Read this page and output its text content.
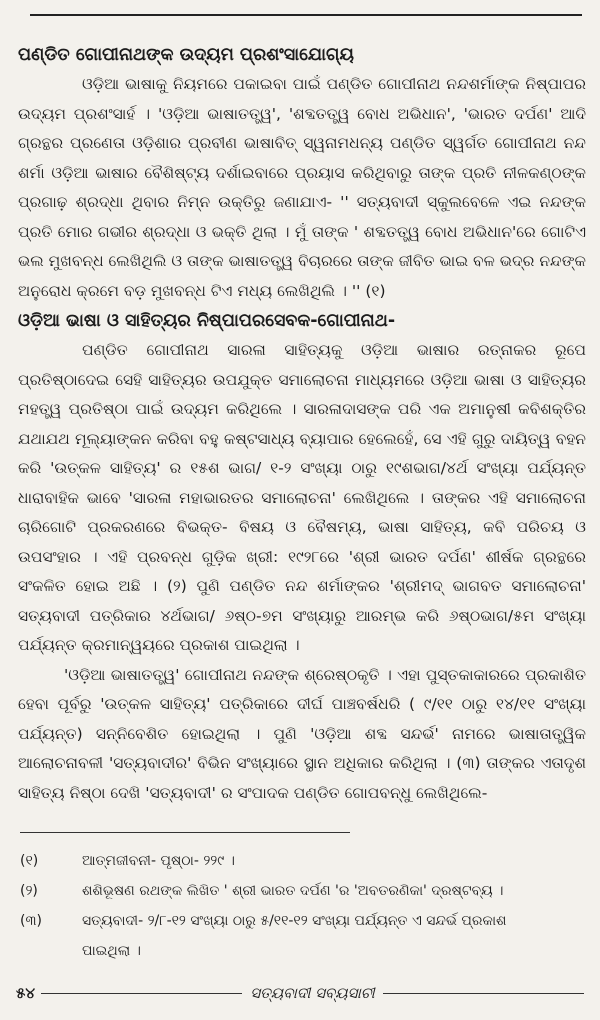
ପଣ୍ଡିତ ଗୋପୀନାଥଙ୍କ ଉଦ୍ୟମ ପ୍ରଶଂସାଯୋଗ୍ୟ

ଓଡ଼ିଆ ଭାଷାକୁ ନିୟମରେ ପକାଇବା ପାଇଁ ପଣ୍ଡିତ ଗୋପୀନାଥ ନନ୍ଦଶର୍ମାଙ୍କ ନିଷ୍ପାପର ଉଦ୍ୟମ ପ୍ରଶଂସାର୍ହ । 'ଓଡ଼ିଆ ଭାଷାତତ୍ତ୍ୱ', 'ଶବ୍ଦତତ୍ତ୍ୱ ବୋଧ ଅଭିଧାନ', 'ଭାରତ ଦର୍ପଣ' ଆଦି ଗ୍ରନ୍ଥର ପ୍ରଣେତା ଓଡ଼ିଶାର ପ୍ରବୀଣ ଭାଷାବିତ୍ ସ୍ୱନାମଧନ୍ୟ ପଣ୍ଡିତ ସ୍ୱର୍ଗତ ଗୋପୀନାଥ ନନ୍ଦ ଶର୍ମା ଓଡ଼ିଆ ଭାଷାର ବୈଶିଷ୍ଟ୍ୟ ଦର୍ଶାଇବାରେ ପ୍ରୟାସ କରିଥିବାରୁ ତାଙ୍କ ପ୍ରତି ନୀଳକଣ୍ଠଙ୍କ ପ୍ରଗାଢ଼ ଶ୍ରଦ୍ଧା ଥିବାର ନିମ୍ନ ଉକ୍ତିରୁ ଜଣାଯାଏ- '' ସତ୍ୟବାଦୀ ସ୍କୁଲବେଳେ ଏଇ ନନ୍ଦଙ୍କ ପ୍ରତି ମୋର ଗଭୀର ଶ୍ରଦ୍ଧା ଓ ଭକ୍ତି ଥିଲା । ମୁଁ ତାଙ୍କ ' ଶବ୍ଦତତ୍ତ୍ୱ ବୋଧ ଅଭିଧାନ'ରେ ଗୋଟିଏ ଭଲ ମୁଖବନ୍ଧ ଲେଖିଥିଲି ଓ ତାଙ୍କ ଭାଷାତତ୍ତ୍ୱ ବିଚାରରେ ତାଙ୍କ ଜୀବିତ ଭାଇ ବଳ ଭଦ୍ର ନନ୍ଦଙ୍କ ଅନୁରୋଧ କ୍ରମେ ବଡ଼ ମୁଖବନ୍ଧ ଟିଏ ମଧ୍ୟ ଲେଖିଥିଲି । '' (୧)

ଓଡ଼ିଆ ଭାଷା ଓ ସାହିତ୍ୟର ନିଷ୍ପାପରସେବକ-ଗୋପୀନାଥ-

ପଣ୍ଡିତ ଗୋପୀନାଥ ସାରଳା ସାହିତ୍ୟକୁ ଓଡ଼ିଆ ଭାଷାର ରତ୍ନାକର ରୂପେ ପ୍ରତିଷ୍ଠାଦେଇ ସେହି ସାହିତ୍ୟର ଉପଯୁକ୍ତ ସମାଲୋଚନା ମାଧ୍ୟମରେ ଓଡ଼ିଆ ଭାଷା ଓ ସାହିତ୍ୟର ମହତ୍ତ୍ୱ ପ୍ରତିଷ୍ଠା ପାଇଁ ଉଦ୍ୟମ କରିଥିଲେ । ସାରଳାଦାସଙ୍କ ପରି ଏକ ଅମାନୁଷୀ କବିଶକ୍ତିର ଯଥାଯଥ ମୂଲ୍ୟାଙ୍କନ କରିବା ବହୁ କଷ୍ଟସାଧ୍ୟ ବ୍ୟାପାର ହେଲେହେଁ, ସେ ଏହି ଗୁରୁ ଦାୟିତ୍ୱ ବହନ କରି 'ଉତ୍କଳ ସାହିତ୍ୟ' ର ୧୫ଶ ଭାଗ/ ୧-୨ ସଂଖ୍ୟା ଠାରୁ ୧୯ଶଭାଗ/୪ର୍ଥ ସଂଖ୍ୟା ପର୍ଯ୍ୟନ୍ତ ଧାରାବାହିକ ଭାବେ 'ସାରଳା ମହାଭାରତର ସମାଲୋଚନା' ଲେଖିଥିଲେ । ତାଙ୍କର ଏହି ସମାଲୋଚନା ଚାରିଗୋଟି ପ୍ରକରଣରେ ବିଭକ୍ତ- ବିଷୟ ଓ ବୈଷମ୍ୟ, ଭାଷା ସାହିତ୍ୟ, କବି ପରିଚୟ ଓ ଉପସଂହାର । ଏହି ପ୍ରବନ୍ଧ ଗୁଡ଼ିକ ଖ୍ରୀ: ୧୯୨୮ରେ 'ଶ୍ରୀ ଭାରତ ଦର୍ପଣ' ଶୀର୍ଷକ ଗ୍ରନ୍ଥରେ ସଂକଳିତ ହୋଇ ଅଛି । (୨) ପୁଣି ପଣ୍ଡିତ ନନ୍ଦ ଶର୍ମାଙ୍କର 'ଶ୍ରୀମଦ୍ ଭାଗବତ ସମାଲୋଚନା' ସତ୍ୟବାଦୀ ପତ୍ରିକାର ୪ର୍ଥଭାଗ/ ୬ଷ୍ଠ-୭ମ ସଂଖ୍ୟାରୁ ଆରମ୍ଭ କରି ୬ଷ୍ଠଭାଗ/୫ମ ସଂଖ୍ୟା ପର୍ଯ୍ୟନ୍ତ କ୍ରମାନ୍ୱୟରେ ପ୍ରକାଶ ପାଇଥିଲା ।

'ଓଡ଼ିଆ ଭାଷାତତ୍ତ୍ୱ' ଗୋପୀନାଥ ନନ୍ଦଙ୍କ ଶ୍ରେଷ୍ଠକୃତି । ଏହା ପୁସ୍ତକାକାରରେ ପ୍ରକାଶିତ ହେବା ପୂର୍ବରୁ 'ଉତ୍କଳ ସାହିତ୍ୟ' ପତ୍ରିକାରେ ଦୀର୍ଘ ପାଞ୍ଚବର୍ଷଧରି ( ୯/୧୧ ଠାରୁ ୧୪/୧୧ ସଂଖ୍ୟା ପର୍ଯ୍ୟନ୍ତ) ସନ୍ନିବେଶିତ ହୋଇଥିଲା । ପୁଣି 'ଓଡ଼ିଆ ଶବ୍ଦ ସନ୍ଦର୍ଭ' ନାମରେ ଭାଷାତାତ୍ତ୍ୱିକ ଆଲୋଚନାବଳୀ 'ସତ୍ୟବାଦୀର' ବିଭିନ ସଂଖ୍ୟାରେ ସ୍ଥାନ ଅଧିକାର କରିଥିଲା । (୩) ତାଙ୍କର ଏତାଦୃଶ ସାହିତ୍ୟ ନିଷ୍ଠା ଦେଖି 'ସତ୍ୟବାଦୀ' ର ସଂପାଦକ ପଣ୍ଡିତ ଗୋପବନ୍ଧୁ ଲେଖିଥିଲେ-

(୧)	ଆତ୍ମଜୀବନୀ- ପୃଷ୍ଠା- ୨୨୯ ।
(୨)	ଶଶିଭୂଷଣ ରଥଙ୍କ ଲିଖିତ ' ଶ୍ରୀ ଭାରତ ଦର୍ପଣ 'ର 'ଅବତରଣିକା' ଦ୍ରଷ୍ଟବ୍ୟ ।
(୩)	ସତ୍ୟବାଦୀ- ୨/୮-୧୨ ସଂଖ୍ୟା ଠାରୁ ୫/୧୧-୧୨ ସଂଖ୍ୟା ପର୍ଯ୍ୟନ୍ତ ଏ ସନ୍ଦର୍ଭ ପ୍ରକାଶ
ପାଇଥିଲା ।
୫୪	ସତ୍ୟବାଦୀ ସବ୍ୟସାଚୀ
